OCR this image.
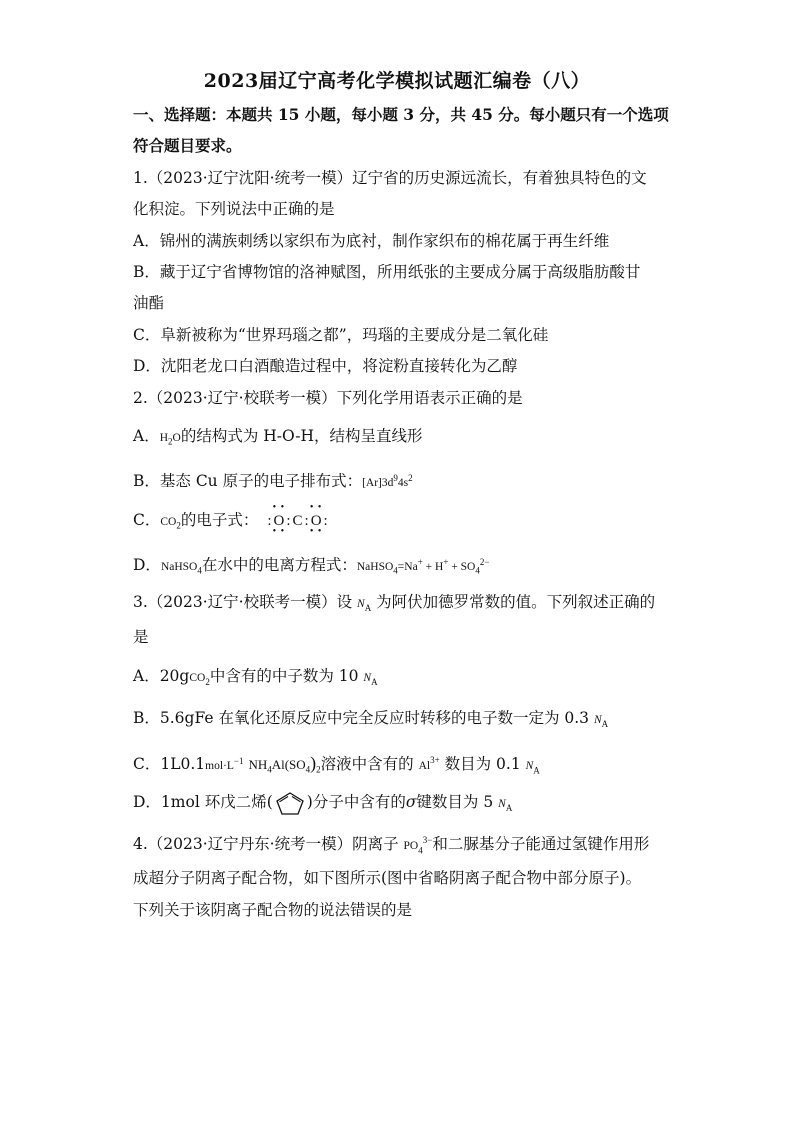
2023届辽宁高考化学模拟试题汇编卷（八）
一、选择题：本题共 15 小题，每小题 3 分，共 45 分。每小题只有一个选项
符合题目要求。
1.（2023·辽宁沈阳·统考一模）辽宁省的历史源远流长，有着独具特色的文
化积淀。下列说法中正确的是
A．锦州的满族刺绣以家织布为底衬，制作家织布的棉花属于再生纤维
B．藏于辽宁省博物馆的洛神赋图，所用纸张的主要成分属于高级脂肪酸甘
油酯
C．阜新被称为“世界玛瑙之都”，玛瑙的主要成分是二氧化硅
D．沈阳老龙口白酒酿造过程中，将淀粉直接转化为乙醇
2.（2023·辽宁·校联考一模）下列化学用语表示正确的是
A．$H_2O$的结构式为 H-O-H，结构呈直线形
B．基态 Cu 原子的电子排布式：$[Ar]3d^94s^2$
C．$CO_2$的电子式： :
• •
O
• •
: C :
• •
O
• •
:
D．NaHSO$_4$在水中的电离方程式：NaHSO$_4$=Na+ + $H^+ + SO_4^{2-}$
3.（2023·辽宁·校联考一模）设 $N_A$ 为阿伏加德罗常数的值。下列叙述正确的
是
A．20gCO$_2$中含有的中子数为 10 $N_A$
B．5.6gFe 在氧化还原反应中完全反应时转移的电子数一定为 0.3 $N_A$
C．$1L0.1mol\cdot L^{-1}$ $NH_4Al(SO_4)_2$溶液中含有的 $Al^{3+}$ 数目为 0.1 $N_A$
D．1mol 环戊二烯( )分子中含有的σ键数目为 5 $N_A$
4.（2023·辽宁丹东·统考一模）阴离子 $PO_4^{3-}$和二脲基分子能通过氢键作用形
成超分子阴离子配合物，如下图所示(图中省略阴离子配合物中部分原子)。
下列关于该阴离子配合物的说法错误的是
